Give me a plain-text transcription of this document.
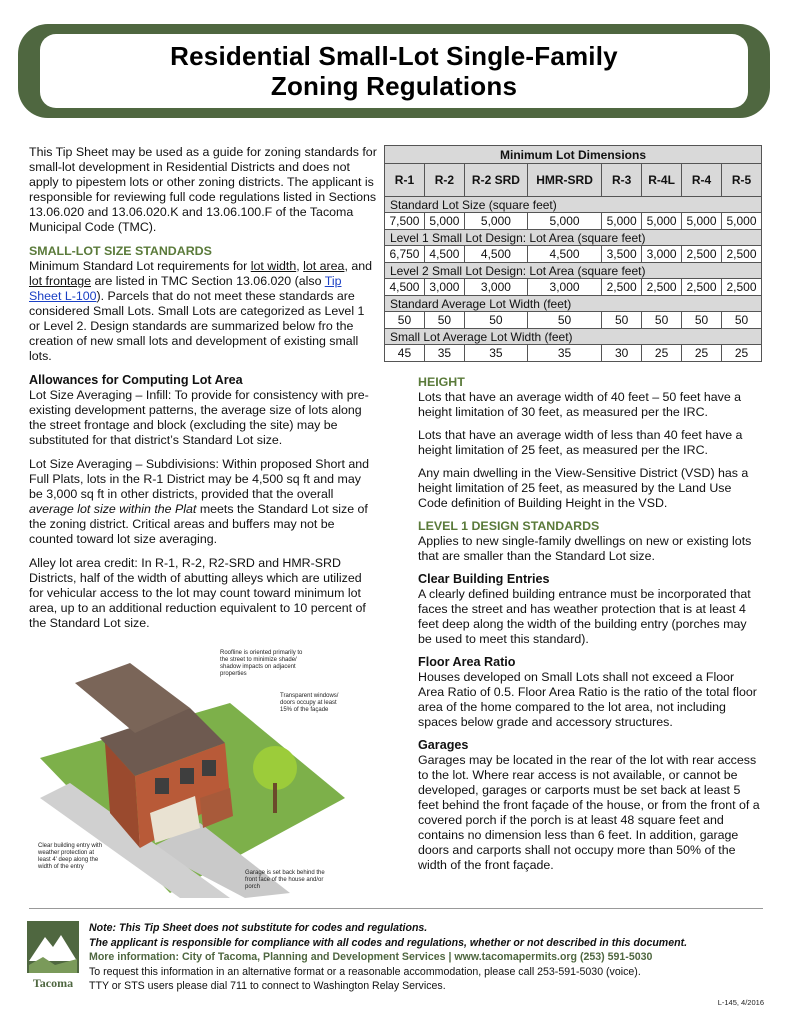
Residential Small-Lot Single-Family
Zoning Regulations

This Tip Sheet may be used as a guide for zoning standards for small-lot development in Residential Districts and does not apply to pipestem lots or other zoning districts. The applicant is responsible for reviewing full code regulations listed in Sections 13.06.020 and 13.06.020.K and 13.06.100.F of the Tacoma Municipal Code (TMC).

SMALL-LOT SIZE STANDARDS

Minimum Standard Lot requirements for lot width, lot area, and lot frontage are listed in TMC Section 13.06.020 (also Tip Sheet L-100). Parcels that do not meet these standards are considered Small Lots. Small Lots are categorized as Level 1 or Level 2. Design standards are summarized below fro the creation of new small lots and development of existing small lots.

Allowances for Computing Lot Area

Lot Size Averaging – Infill: To provide for consistency with pre-existing development patterns, the average size of lots along the street frontage and block (excluding the site) may be substituted for that district’s Standard Lot size.

Lot Size Averaging – Subdivisions: Within proposed Short and Full Plats, lots in the R-1 District may be 4,500 sq ft and may be 3,000 sq ft in other districts, provided that the overall average lot size within the Plat meets the Standard Lot size of the zoning district. Critical areas and buffers may not be counted toward lot size averaging.

Alley lot area credit: In R-1, R-2, R2-SRD and HMR-SRD Districts, half of the width of abutting alleys which are utilized for vehicular access to the lot may count toward minimum lot area, up to an additional reduction equivalent to 10 percent of the Standard Lot size.

Minimum Lot Dimensions							
R-1	R-2	R-2 SRD	HMR-SRD	R-3	R-4L	R-4	R-5
Standard Lot Size (square feet)							
7,500	5,000	5,000	5,000	5,000	5,000	5,000	5,000
Level 1 Small Lot Design: Lot Area (square feet)							
6,750	4,500	4,500	4,500	3,500	3,000	2,500	2,500
Level 2 Small Lot Design: Lot Area (square feet)							
4,500	3,000	3,000	3,000	2,500	2,500	2,500	2,500
Standard Average Lot Width (feet)							
50	50	50	50	50	50	50	50
Small Lot Average Lot Width (feet)							
45	35	35	35	30	25	25	25
HEIGHT

Lots that have an average width of 40 feet – 50 feet have a height limitation of 30 feet, as measured per the IRC.

Lots that have an average width of less than 40 feet have a height limitation of 25 feet, as measured per the IRC.

Any main dwelling in the View-Sensitive District (VSD) has a height limitation of 25 feet, as measured by the Land Use Code definition of Building Height in the VSD.

LEVEL 1 DESIGN STANDARDS

Applies to new single-family dwellings on new or existing lots that are smaller than the Standard Lot size.

Clear Building Entries

A clearly defined building entrance must be incorporated that faces the street and has weather protection that is at least 4 feet deep along the width of the building entry (porches may be used to meet this standard).

Floor Area Ratio

Houses developed on Small Lots shall not exceed a Floor Area Ratio of 0.5. Floor Area Ratio is the ratio of the total floor area of the home compared to the lot area, not including spaces below grade and accessory structures.

Garages

Garages may be located in the rear of the lot with rear access to the lot. Where rear access is not available, or cannot be developed, garages or carports must be set back at least 5 feet behind the front façade of the house, or from the front of a covered porch if the porch is at least 48 square feet and contains no dimension less than 6 feet. In addition, garage doors and carports shall not occupy more than 50% of the width of the front façade.

Roofline is oriented primarily to the street to minimize shade/ shadow impacts on adjacent properties
Transparent windows/ doors occupy at least 15% of the façade
Clear building entry with weather protection at least 4' deep along the width of the entry
Garage is set back behind the front face of the house and/or porch
Tacoma
Note: This Tip Sheet does not substitute for codes and regulations.
The applicant is responsible for compliance with all codes and regulations, whether or not described in this document.
More information: City of Tacoma, Planning and Development Services | www.tacomapermits.org (253) 591-5030
To request this information in an alternative format or a reasonable accommodation, please call 253-591-5030 (voice).
TTY or STS users please dial 711 to connect to Washington Relay Services.
L-145, 4/2016
